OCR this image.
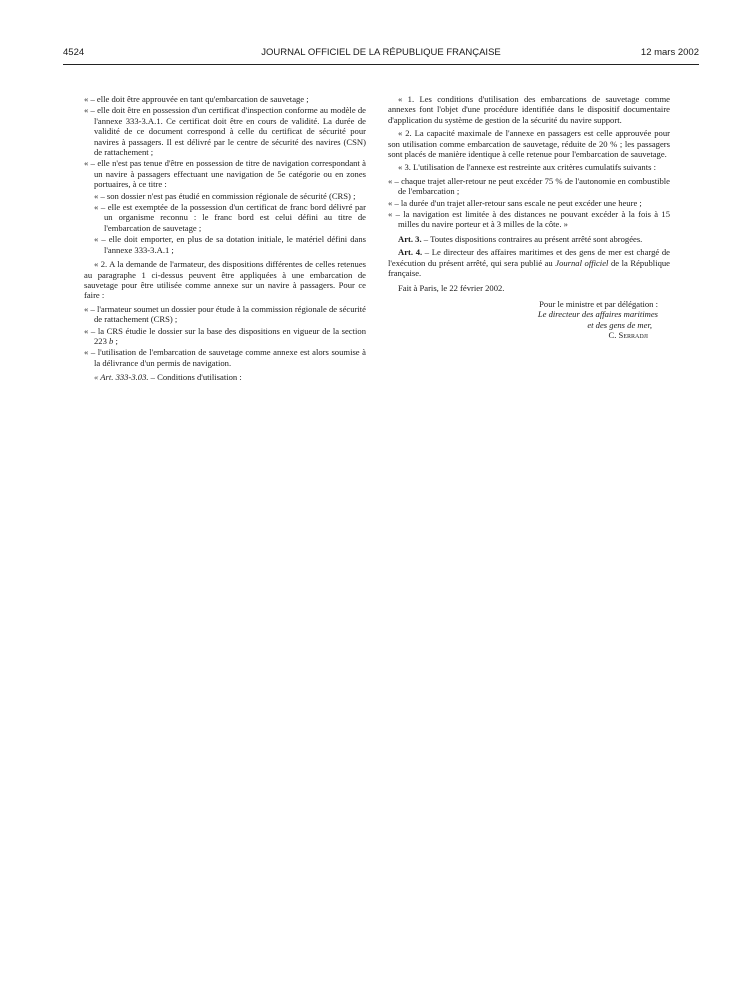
4524	JOURNAL OFFICIEL DE LA RÉPUBLIQUE FRANÇAISE	12 mars 2002

« – elle doit être approuvée en tant qu'embarcation de sauvetage ;

« – elle doit être en possession d'un certificat d'inspection conforme au modèle de l'annexe 333-3.A.1. Ce certificat doit être en cours de validité. La durée de validité de ce document correspond à celle du certificat de sécurité pour navires à passagers. Il est délivré par le centre de sécurité des navires (CSN) de rattachement ;

« – elle n'est pas tenue d'être en possession de titre de navigation correspondant à un navire à passagers effectuant une navigation de 5e catégorie ou en zones portuaires, à ce titre :

« – son dossier n'est pas étudié en commission régionale de sécurité (CRS) ;

« – elle est exemptée de la possession d'un certificat de franc bord délivré par un organisme reconnu : le franc bord est celui défini au titre de l'embarcation de sauvetage ;

« – elle doit emporter, en plus de sa dotation initiale, le matériel défini dans l'annexe 333-3.A.1 ;

« 2. A la demande de l'armateur, des dispositions différentes de celles retenues au paragraphe 1 ci-dessus peuvent être appliquées à une embarcation de sauvetage pour être utilisée comme annexe sur un navire à passagers. Pour ce faire :

« – l'armateur soumet un dossier pour étude à la commission régionale de sécurité de rattachement (CRS) ;

« – la CRS étudie le dossier sur la base des dispositions en vigueur de la section 223 b ;

« – l'utilisation de l'embarcation de sauvetage comme annexe est alors soumise à la délivrance d'un permis de navigation.

« Art. 333-3.03. – Conditions d'utilisation :

« 1. Les conditions d'utilisation des embarcations de sauvetage comme annexes font l'objet d'une procédure identifiée dans le dispositif documentaire d'application du système de gestion de la sécurité du navire support.

« 2. La capacité maximale de l'annexe en passagers est celle approuvée pour son utilisation comme embarcation de sauvetage, réduite de 20 % ; les passagers sont placés de manière identique à celle retenue pour l'embarcation de sauvetage.

« 3. L'utilisation de l'annexe est restreinte aux critères cumulatifs suivants :

« – chaque trajet aller-retour ne peut excéder 75 % de l'autonomie en combustible de l'embarcation ;

« – la durée d'un trajet aller-retour sans escale ne peut excéder une heure ;

« – la navigation est limitée à des distances ne pouvant excéder à la fois à 15 milles du navire porteur et à 3 milles de la côte. »

Art. 3. – Toutes dispositions contraires au présent arrêté sont abrogées.

Art. 4. – Le directeur des affaires maritimes et des gens de mer est chargé de l'exécution du présent arrêté, qui sera publié au Journal officiel de la République française.

Fait à Paris, le 22 février 2002.

Pour le ministre et par délégation :
Le directeur des affaires maritimes
et des gens de mer,
C. Serradji
